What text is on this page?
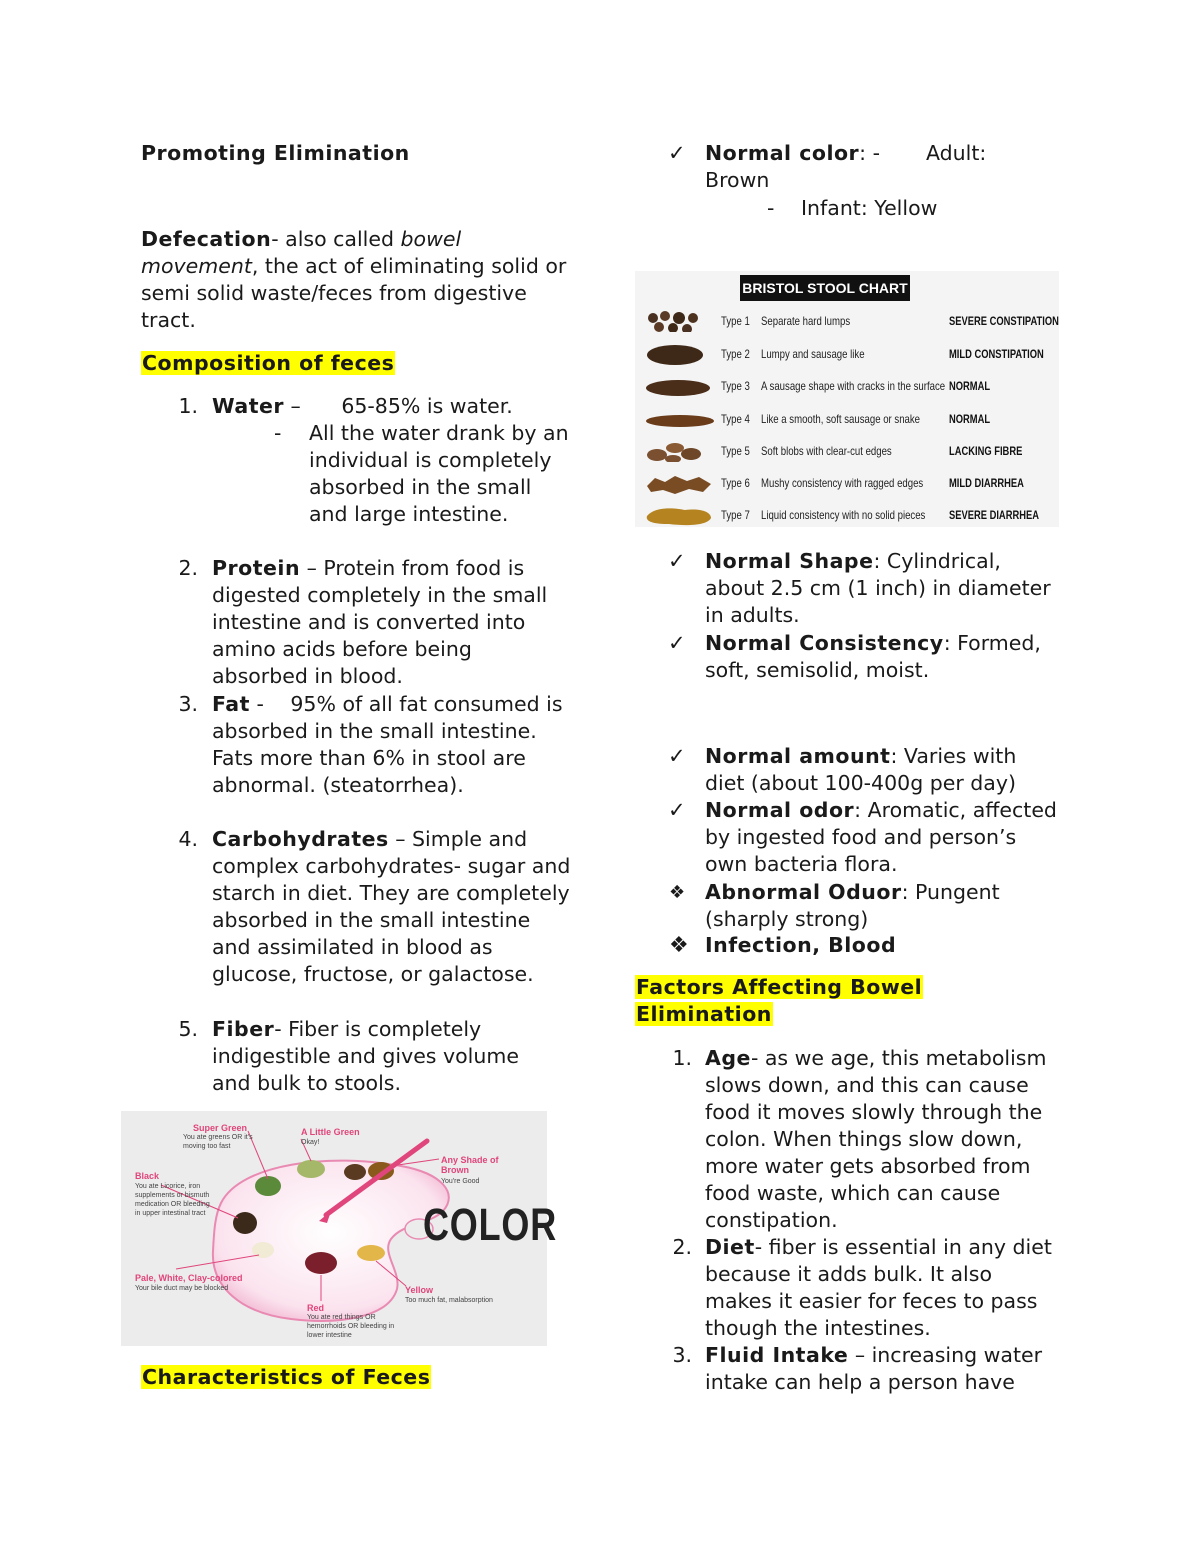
Promoting Elimination
Defecation- also called bowel movement, the act of eliminating solid or semi solid waste/feces from digestive tract.
Composition of feces
1. Water – 65-85% is water.
- All the water drank by an individual is completely absorbed in the small and large intestine.
2. Protein – Protein from food is digested completely in the small intestine and is converted into amino acids before being absorbed in blood.
3. Fat - 95% of all fat consumed is absorbed in the small intestine. Fats more than 6% in stool are abnormal. (steatorrhea).
4. Carbohydrates – Simple and complex carbohydrates- sugar and starch in diet. They are completely absorbed in the small intestine and assimilated in blood as glucose, fructose, or galactose.
5. Fiber- Fiber is completely indigestible and gives volume and bulk to stools.
COLOR
Super Green
You ate greens OR it's moving too fast
A Little Green
Okay!
Any Shade of Brown
You're Good
Black
You ate Licorice, iron supplements or bismuth medication OR bleeding in upper intestinal tract
Pale, White, Clay-colored
Your bile duct may be blocked
Red
You ate red things OR hemorrhoids OR bleeding in lower intestine
Yellow
Too much fat, malabsorption
Characteristics of Feces
✓ Normal color: - Adult:
Brown
- Infant: Yellow
BRISTOL STOOL CHART
Type 1 Separate hard lumps	SEVERE CONSTIPATION
Type 2 Lumpy and sausage like	MILD CONSTIPATION
Type 3 A sausage shape with cracks in the surface NORMAL
Type 4 Like a smooth, soft sausage or snake NORMAL
Type 5 Soft blobs with clear-cut edges	LACKING FIBRE
Type 6 Mushy consistency with ragged edges MILD DIARRHEA
Type 7 Liquid consistency with no solid pieces SEVERE DIARRHEA
✓ Normal Shape: Cylindrical, about 2.5 cm (1 inch) in diameter in adults.
✓ Normal Consistency: Formed, soft, semisolid, moist.
✓ Normal amount: Varies with diet (about 100-400g per day)
✓ Normal odor: Aromatic, affected by ingested food and person’s own bacteria flora.
❖ Abnormal Oduor: Pungent (sharply strong)
❖ Infection, Blood
Factors Affecting Bowel
Elimination
1. Age- as we age, this metabolism slows down, and this can cause food it moves slowly through the colon. When things slow down, more water gets absorbed from food waste, which can cause constipation.
2. Diet- fiber is essential in any diet because it adds bulk. It also makes it easier for feces to pass though the intestines.
3. Fluid Intake – increasing water intake can help a person have
